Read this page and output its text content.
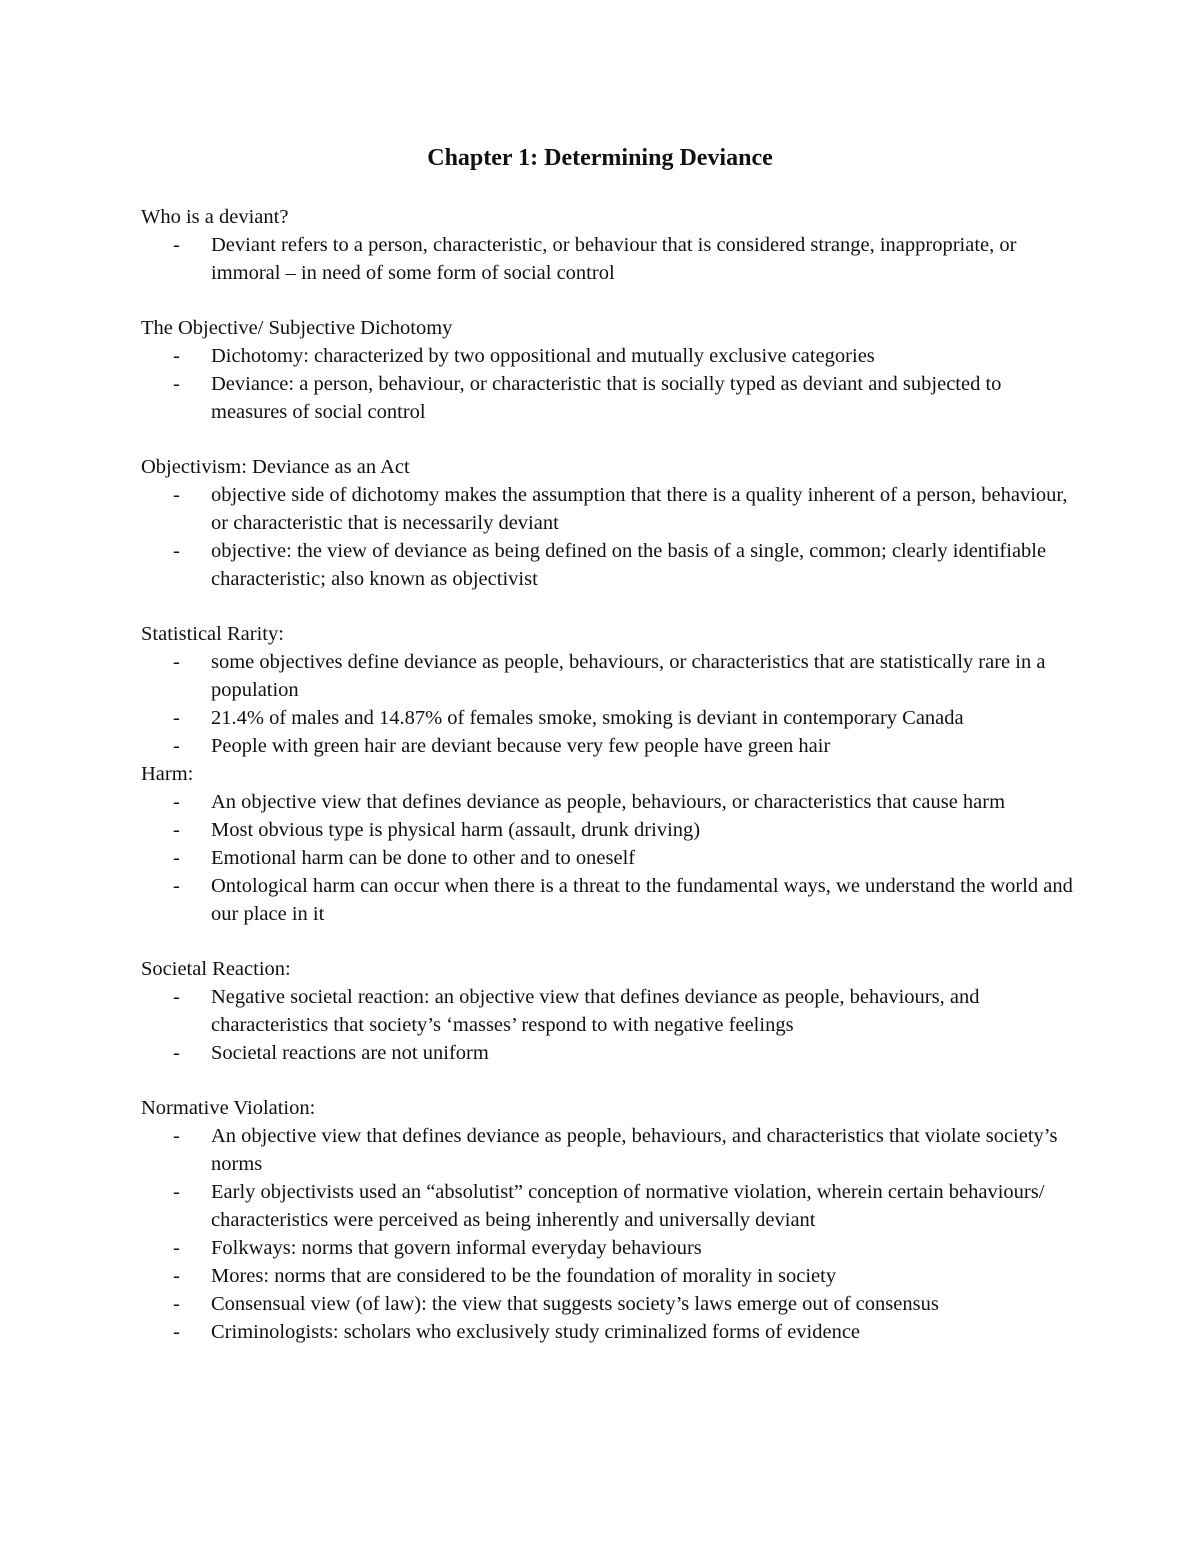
Chapter 1: Determining Deviance
Who is a deviant?
- Deviant refers to a person, characteristic, or behaviour that is considered strange, inappropriate, or immoral – in need of some form of social control
The Objective/ Subjective Dichotomy
- Dichotomy: characterized by two oppositional and mutually exclusive categories
- Deviance: a person, behaviour, or characteristic that is socially typed as deviant and subjected to measures of social control
Objectivism: Deviance as an Act
- objective side of dichotomy makes the assumption that there is a quality inherent of a person, behaviour, or characteristic that is necessarily deviant
- objective: the view of deviance as being defined on the basis of a single, common; clearly identifiable characteristic; also known as objectivist
Statistical Rarity:
- some objectives define deviance as people, behaviours, or characteristics that are statistically rare in a population
- 21.4% of males and 14.87% of females smoke, smoking is deviant in contemporary Canada
- People with green hair are deviant because very few people have green hair
Harm:
- An objective view that defines deviance as people, behaviours, or characteristics that cause harm
- Most obvious type is physical harm (assault, drunk driving)
- Emotional harm can be done to other and to oneself
- Ontological harm can occur when there is a threat to the fundamental ways, we understand the world and our place in it
Societal Reaction:
- Negative societal reaction: an objective view that defines deviance as people, behaviours, and characteristics that society’s ‘masses’ respond to with negative feelings
- Societal reactions are not uniform
Normative Violation:
- An objective view that defines deviance as people, behaviours, and characteristics that violate society’s norms
- Early objectivists used an “absolutist” conception of normative violation, wherein certain behaviours/ characteristics were perceived as being inherently and universally deviant
- Folkways: norms that govern informal everyday behaviours
- Mores: norms that are considered to be the foundation of morality in society
- Consensual view (of law): the view that suggests society’s laws emerge out of consensus
- Criminologists: scholars who exclusively study criminalized forms of evidence
